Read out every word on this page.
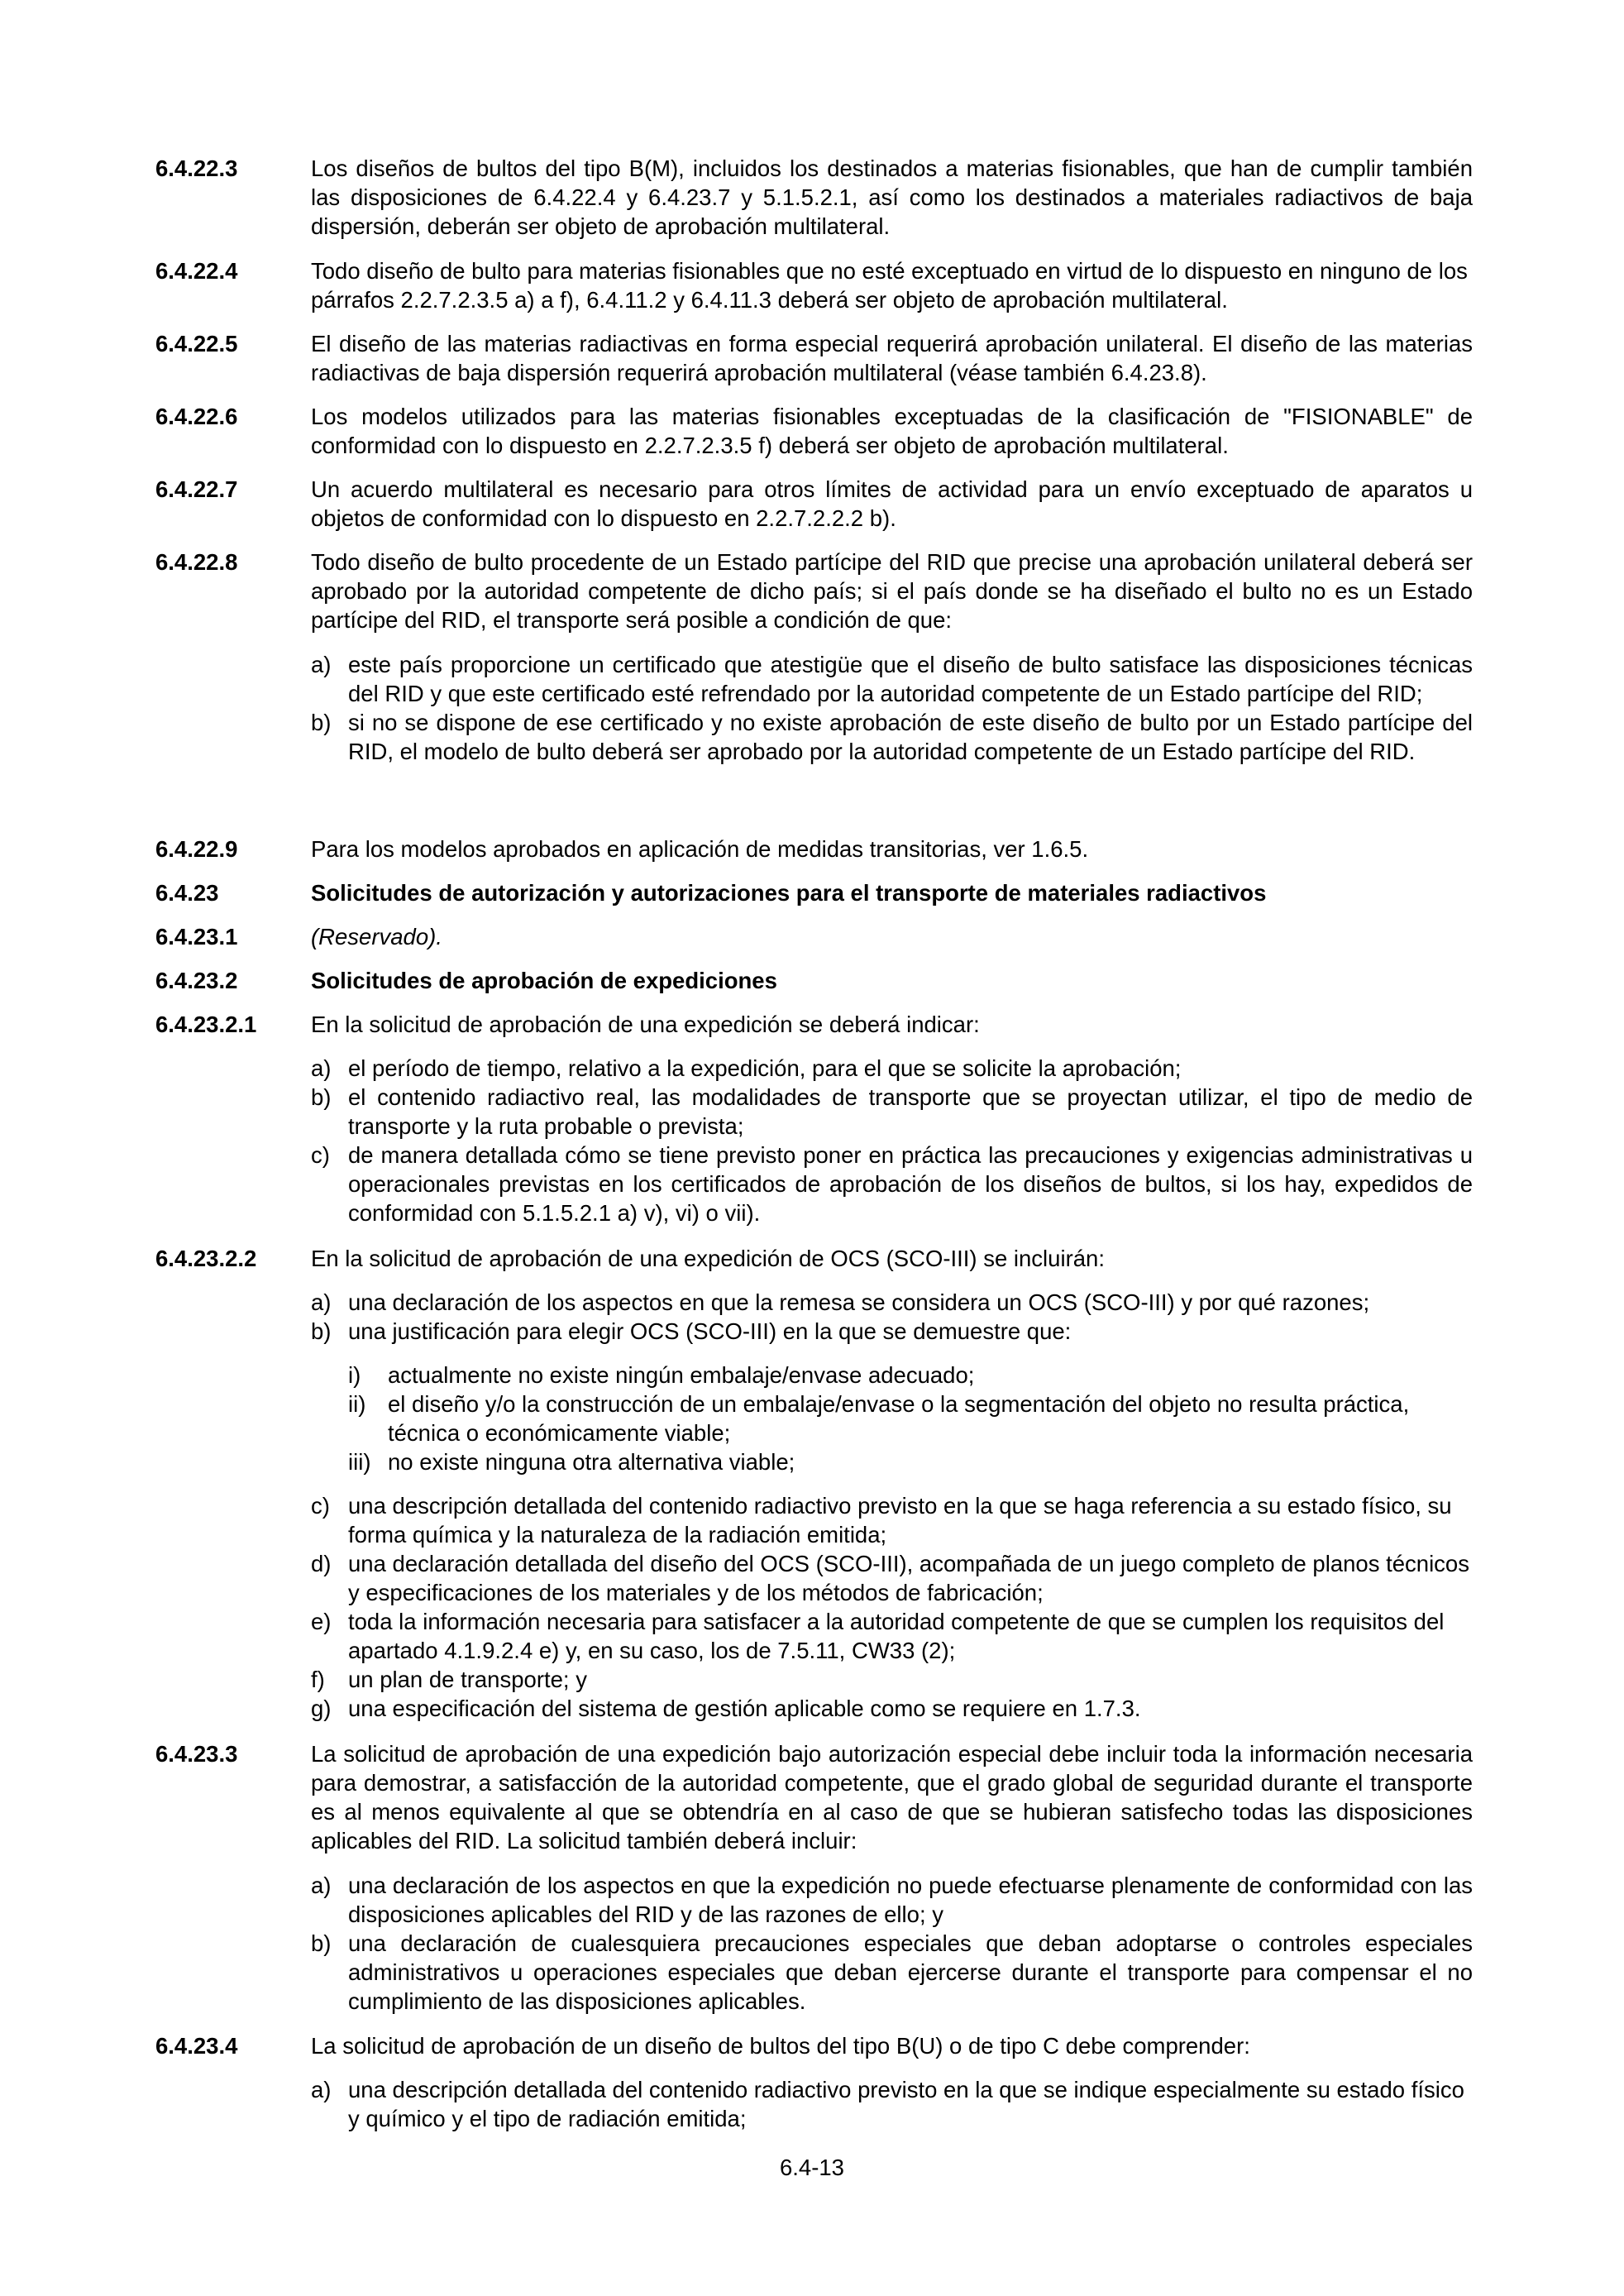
6.4.22.3	Los diseños de bultos del tipo B(M), incluidos los destinados a materias fisionables, que han de cumplir también las disposiciones de 6.4.22.4 y 6.4.23.7 y 5.1.5.2.1, así como los destinados a materiales radiactivos de baja dispersión, deberán ser objeto de aprobación multilateral.
6.4.22.4	Todo diseño de bulto para materias fisionables que no esté exceptuado en virtud de lo dispuesto en ninguno de los párrafos 2.2.7.2.3.5 a) a f), 6.4.11.2 y 6.4.11.3 deberá ser objeto de aprobación multilateral.
6.4.22.5	El diseño de las materias radiactivas en forma especial requerirá aprobación unilateral. El diseño de las materias radiactivas de baja dispersión requerirá aprobación multilateral (véase también 6.4.23.8).
6.4.22.6	Los modelos utilizados para las materias fisionables exceptuadas de la clasificación de "FISIONABLE" de conformidad con lo dispuesto en 2.2.7.2.3.5 f) deberá ser objeto de aprobación multilateral.
6.4.22.7	Un acuerdo multilateral es necesario para otros límites de actividad para un envío exceptuado de aparatos u objetos de conformidad con lo dispuesto en 2.2.7.2.2.2 b).
6.4.22.8	Todo diseño de bulto procedente de un Estado partícipe del RID que precise una aprobación unilateral deberá ser aprobado por la autoridad competente de dicho país; si el país donde se ha diseñado el bulto no es un Estado partícipe del RID, el transporte será posible a condición de que:
a) este país proporcione un certificado que atestigüe que el diseño de bulto satisface las disposiciones técnicas del RID y que este certificado esté refrendado por la autoridad competente de un Estado partícipe del RID;
b) si no se dispone de ese certificado y no existe aprobación de este diseño de bulto por un Estado partícipe del RID, el modelo de bulto deberá ser aprobado por la autoridad competente de un Estado partícipe del RID.
6.4.22.9	Para los modelos aprobados en aplicación de medidas transitorias, ver 1.6.5.
6.4.23	Solicitudes de autorización y autorizaciones para el transporte de materiales radiactivos
6.4.23.1	(Reservado).
6.4.23.2	Solicitudes de aprobación de expediciones
6.4.23.2.1 En la solicitud de aprobación de una expedición se deberá indicar:
a) el período de tiempo, relativo a la expedición, para el que se solicite la aprobación;
b) el contenido radiactivo real, las modalidades de transporte que se proyectan utilizar, el tipo de medio de transporte y la ruta probable o prevista;
c) de manera detallada cómo se tiene previsto poner en práctica las precauciones y exigencias administrativas u operacionales previstas en los certificados de aprobación de los diseños de bultos, si los hay, expedidos de conformidad con 5.1.5.2.1 a) v), vi) o vii).
6.4.23.2.2 En la solicitud de aprobación de una expedición de OCS (SCO-III) se incluirán:
a) una declaración de los aspectos en que la remesa se considera un OCS (SCO-III) y por qué razones;
b) una justificación para elegir OCS (SCO-III) en la que se demuestre que:
i) actualmente no existe ningún embalaje/envase adecuado;
ii) el diseño y/o la construcción de un embalaje/envase o la segmentación del objeto no resulta práctica, técnica o económicamente viable;
iii) no existe ninguna otra alternativa viable;
c) una descripción detallada del contenido radiactivo previsto en la que se haga referencia a su estado físico, su forma química y la naturaleza de la radiación emitida;
d) una declaración detallada del diseño del OCS (SCO-III), acompañada de un juego completo de planos técnicos y especificaciones de los materiales y de los métodos de fabricación;
e) toda la información necesaria para satisfacer a la autoridad competente de que se cumplen los requisitos del apartado 4.1.9.2.4 e) y, en su caso, los de 7.5.11, CW33 (2);
f) un plan de transporte; y
g) una especificación del sistema de gestión aplicable como se requiere en 1.7.3.
6.4.23.3	La solicitud de aprobación de una expedición bajo autorización especial debe incluir toda la información necesaria para demostrar, a satisfacción de la autoridad competente, que el grado global de seguridad durante el transporte es al menos equivalente al que se obtendría en al caso de que se hubieran satisfecho todas las disposiciones aplicables del RID. La solicitud también deberá incluir:
a) una declaración de los aspectos en que la expedición no puede efectuarse plenamente de conformidad con las disposiciones aplicables del RID y de las razones de ello; y
b) una declaración de cualesquiera precauciones especiales que deban adoptarse o controles especiales administrativos u operaciones especiales que deban ejercerse durante el transporte para compensar el no cumplimiento de las disposiciones aplicables.
6.4.23.4	La solicitud de aprobación de un diseño de bultos del tipo B(U) o de tipo C debe comprender:
a) una descripción detallada del contenido radiactivo previsto en la que se indique especialmente su estado físico y químico y el tipo de radiación emitida;
6.4-13
